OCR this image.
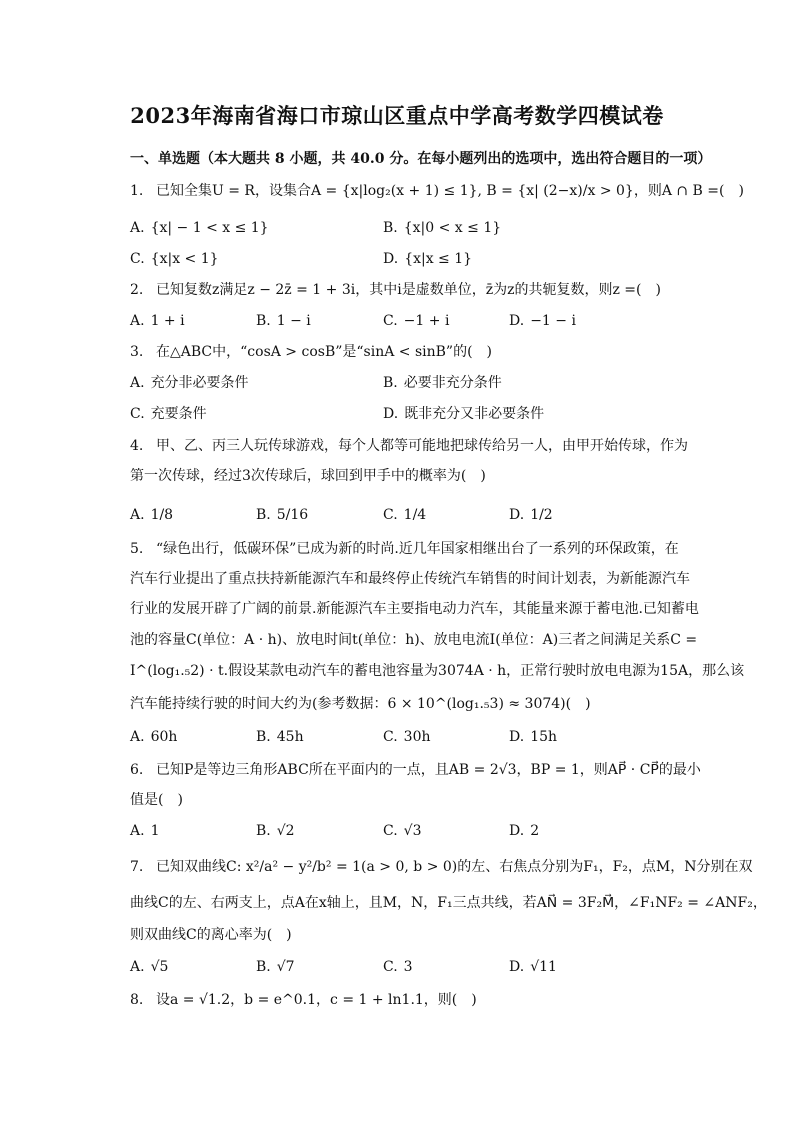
2023年海南省海口市琼山区重点中学高考数学四模试卷
一、单选题（本大题共 8 小题，共 40.0 分。在每小题列出的选项中，选出符合题目的一项）
1. 已知全集U = R，设集合A = {x|log₂(x + 1) ≤ 1}, B = {x| (2−x)/x > 0}，则A ∩ B =(　)
A. {x| − 1 < x ≤ 1}	B. {x|0 < x ≤ 1}
C. {x|x < 1}	D. {x|x ≤ 1}
2. 已知复数z满足z − 2z̄ = 1 + 3i，其中i是虚数单位，z̄为z的共轭复数，则z =(　)
A. 1 + i	B. 1 − i	C. −1 + i	D. −1 − i
3. 在△ABC中，“cosA > cosB”是“sinA < sinB”的(　)
A. 充分非必要条件	B. 必要非充分条件
C. 充要条件	D. 既非充分又非必要条件
4. 甲、乙、丙三人玩传球游戏，每个人都等可能地把球传给另一人，由甲开始传球，作为
第一次传球，经过3次传球后，球回到甲手中的概率为(　)
A. 1/8	B. 5/16	C. 1/4	D. 1/2
5. “绿色出行，低碳环保”已成为新的时尚.近几年国家相继出台了一系列的环保政策，在
汽车行业提出了重点扶持新能源汽车和最终停止传统汽车销售的时间计划表，为新能源汽车
行业的发展开辟了广阔的前景.新能源汽车主要指电动力汽车，其能量来源于蓄电池.已知蓄电
池的容量C(单位：A · h)、放电时间t(单位：h)、放电电流I(单位：A)三者之间满足关系C =
I^(log₁.₅2) · t.假设某款电动汽车的蓄电池容量为3074A · h，正常行驶时放电电源为15A，那么该
汽车能持续行驶的时间大约为(参考数据：6 × 10^(log₁.₅3) ≈ 3074)(　)
A. 60h	B. 45h	C. 30h	D. 15h
6. 已知P是等边三角形ABC所在平面内的一点，且AB = 2√3，BP = 1，则AP⃗ · CP⃗的最小
值是(　)
A. 1	B. √2	C. √3	D. 2
7. 已知双曲线C: x²/a² − y²/b² = 1(a > 0, b > 0)的左、右焦点分别为F₁，F₂，点M，N分别在双
曲线C的左、右两支上，点A在x轴上，且M，N，F₁三点共线，若AN⃗ = 3F₂M⃗，∠F₁NF₂ = ∠ANF₂，
则双曲线C的离心率为(　)
A. √5	B. √7	C. 3	D. √11
8. 设a = √1.2，b = e^0.1，c = 1 + ln1.1，则(　)
